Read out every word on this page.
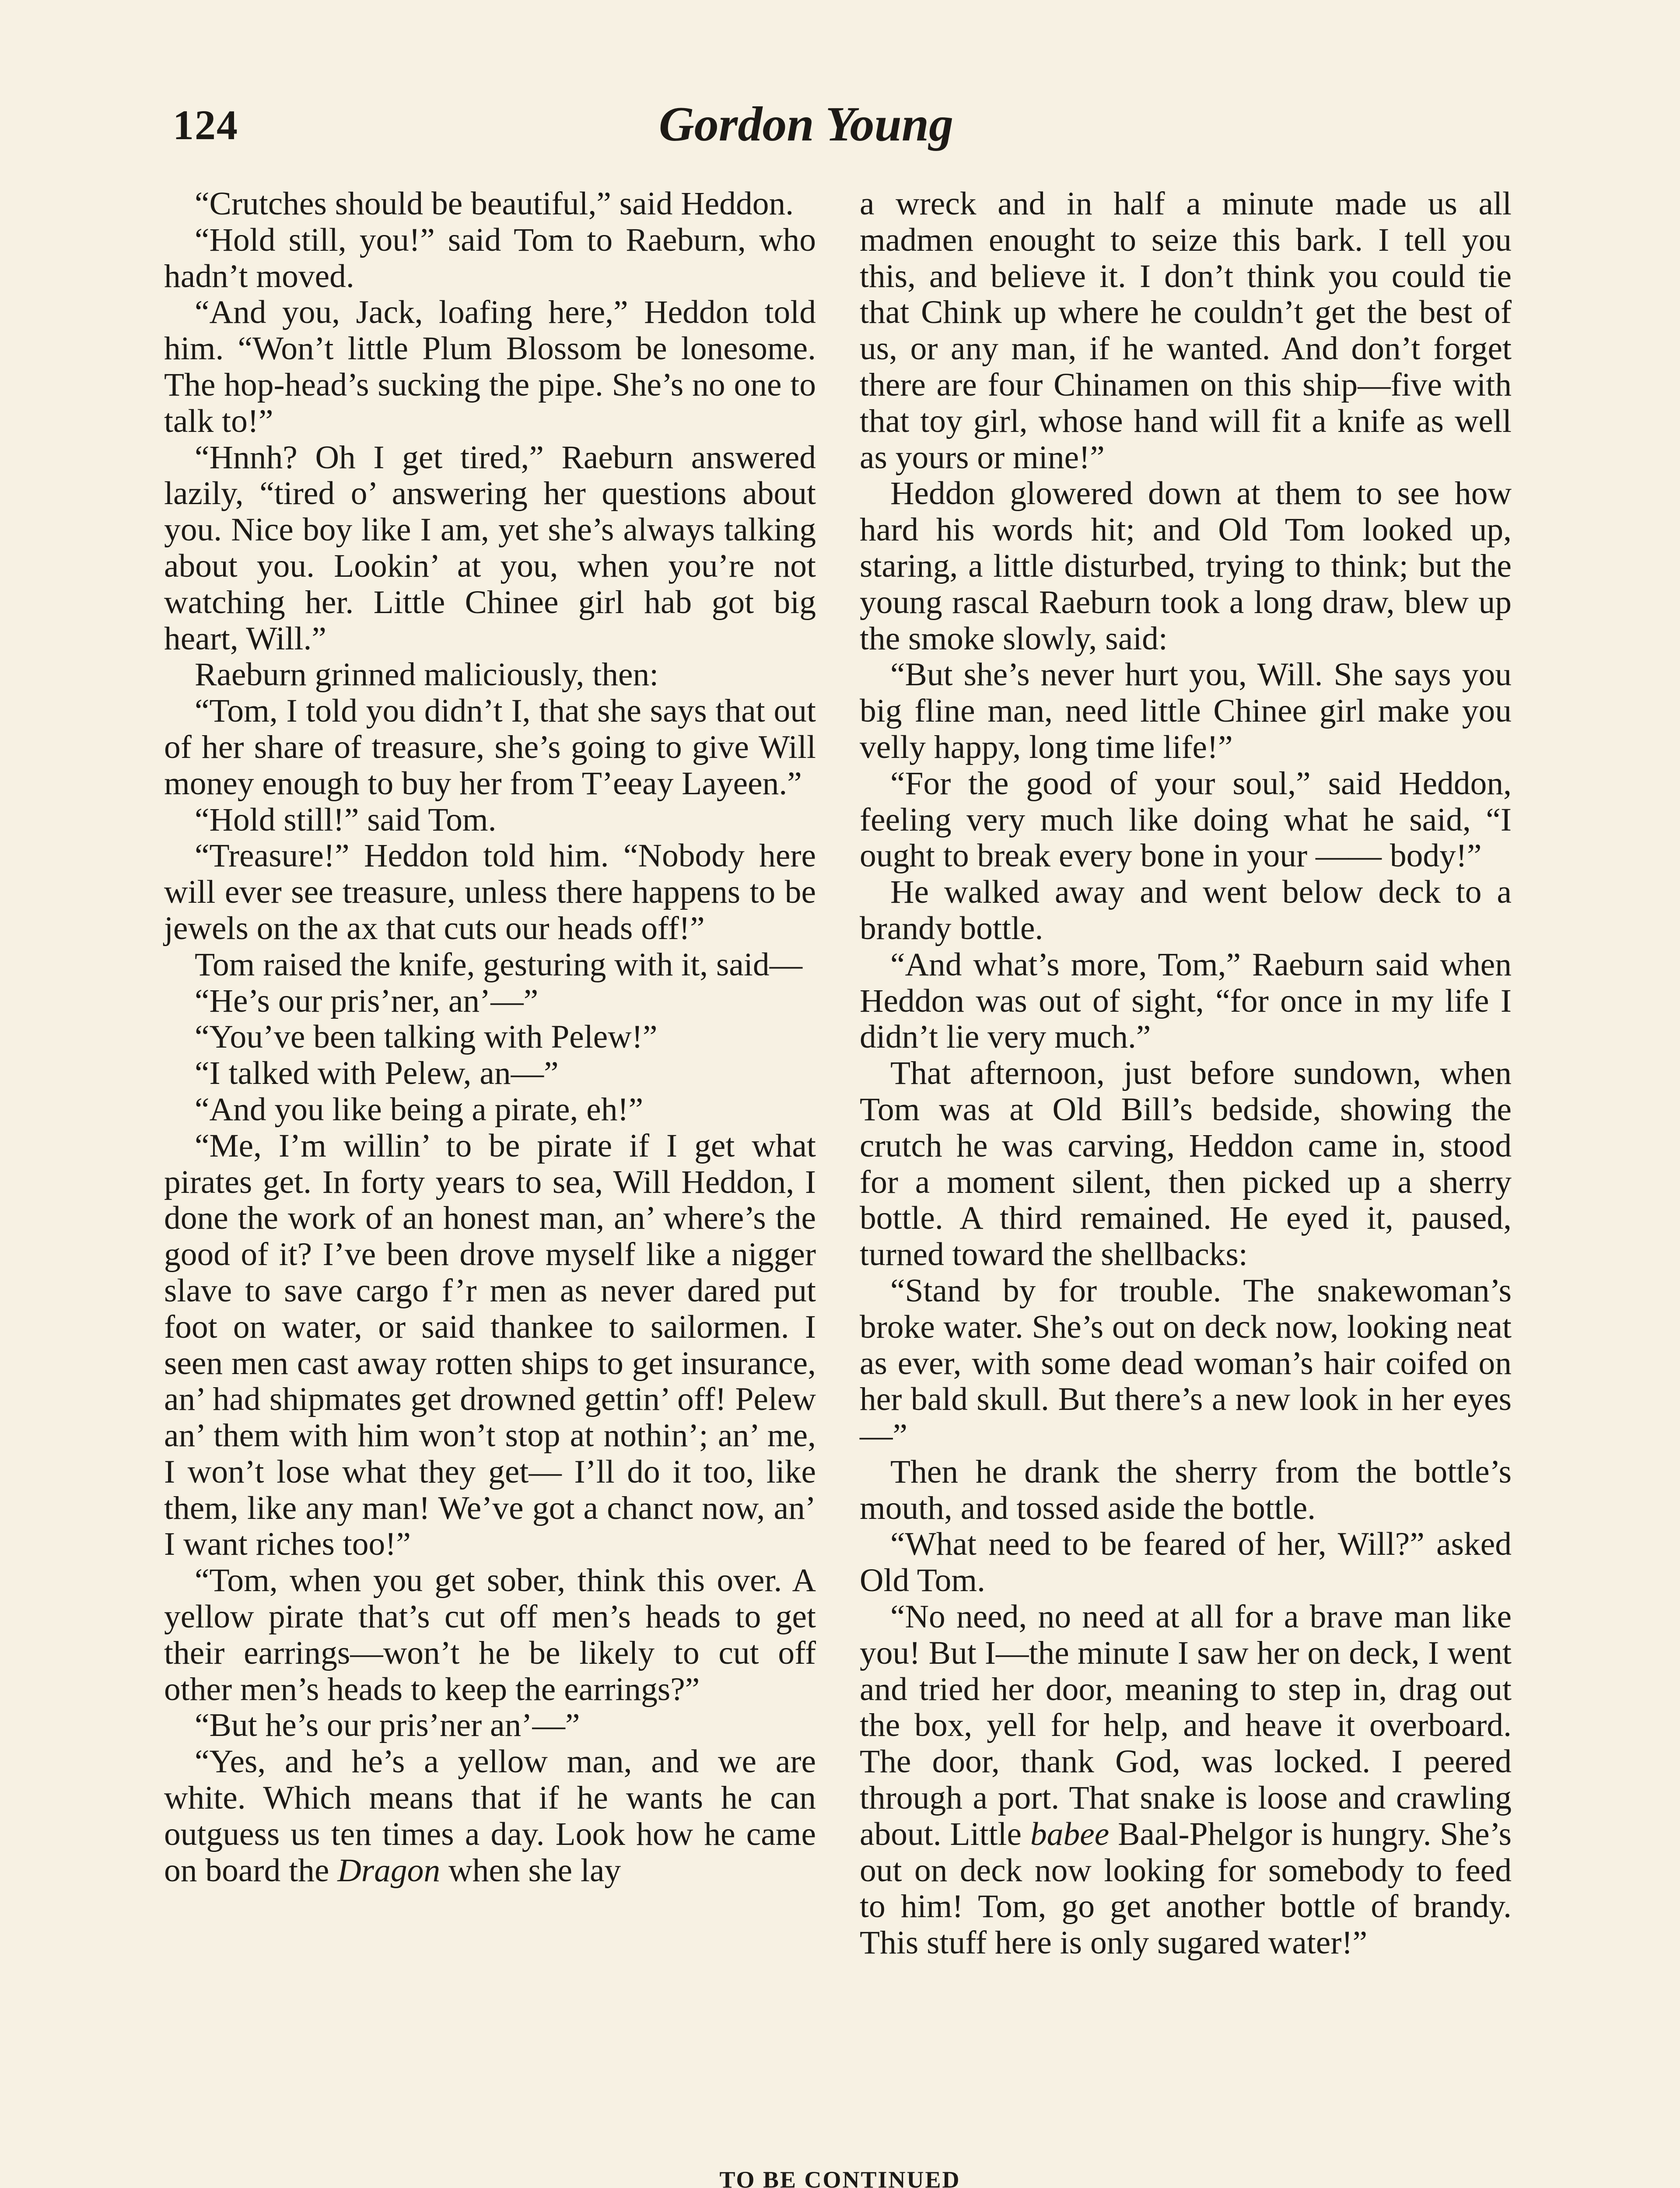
124	Gordon Young

“Crutches should be beautiful,” said Heddon.

“Hold still, you!” said Tom to Raeburn, who hadn’t moved.

“And you, Jack, loafing here,” Heddon told him. “Won’t little Plum Blossom be lonesome. The hop-head’s sucking the pipe. She’s no one to talk to!”

“Hnnh? Oh I get tired,” Raeburn answered lazily, “tired o’ answering her questions about you. Nice boy like I am, yet she’s always talking about you. Lookin’ at you, when you’re not watching her. Little Chinee girl hab got big heart, Will.”

Raeburn grinned maliciously, then:

“Tom, I told you didn’t I, that she says that out of her share of treasure, she’s going to give Will money enough to buy her from T’eeay Layeen.”

“Hold still!” said Tom.

“Treasure!” Heddon told him. “Nobody here will ever see treasure, unless there happens to be jewels on the ax that cuts our heads off!”

Tom raised the knife, gesturing with it, said—

“He’s our pris’ner, an’—”

“You’ve been talking with Pelew!”

“I talked with Pelew, an—”

“And you like being a pirate, eh!”

“Me, I’m willin’ to be pirate if I get what pirates get. In forty years to sea, Will Heddon, I done the work of an honest man, an’ where’s the good of it? I’ve been drove myself like a nigger slave to save cargo f’r men as never dared put foot on water, or said thankee to sailormen. I seen men cast away rotten ships to get insurance, an’ had shipmates get drowned gettin’ off! Pelew an’ them with him won’t stop at nothin’; an’ me, I won’t lose what they get— I’ll do it too, like them, like any man! We’ve got a chanct now, an’ I want riches too!”

“Tom, when you get sober, think this over. A yellow pirate that’s cut off men’s heads to get their earrings—won’t he be likely to cut off other men’s heads to keep the earrings?”

“But he’s our pris’ner an’—”

“Yes, and he’s a yellow man, and we are white. Which means that if he wants he can outguess us ten times a day. Look how he came on board the Dragon when she lay

a wreck and in half a minute made us all madmen enought to seize this bark. I tell you this, and believe it. I don’t think you could tie that Chink up where he couldn’t get the best of us, or any man, if he wanted. And don’t forget there are four Chinamen on this ship—five with that toy girl, whose hand will fit a knife as well as yours or mine!”

Heddon glowered down at them to see how hard his words hit; and Old Tom looked up, staring, a little disturbed, trying to think; but the young rascal Raeburn took a long draw, blew up the smoke slowly, said:

“But she’s never hurt you, Will. She says you big fline man, need little Chinee girl make you velly happy, long time life!”

“For the good of your soul,” said Heddon, feeling very much like doing what he said, “I ought to break every bone in your —— body!”

He walked away and went below deck to a brandy bottle.

“And what’s more, Tom,” Raeburn said when Heddon was out of sight, “for once in my life I didn’t lie very much.”

That afternoon, just before sundown, when Tom was at Old Bill’s bedside, showing the crutch he was carving, Heddon came in, stood for a moment silent, then picked up a sherry bottle. A third remained. He eyed it, paused, turned toward the shellbacks:

“Stand by for trouble. The snakewoman’s broke water. She’s out on deck now, looking neat as ever, with some dead woman’s hair coifed on her bald skull. But there’s a new look in her eyes—”

Then he drank the sherry from the bottle’s mouth, and tossed aside the bottle.

“What need to be feared of her, Will?” asked Old Tom.

“No need, no need at all for a brave man like you! But I—the minute I saw her on deck, I went and tried her door, meaning to step in, drag out the box, yell for help, and heave it overboard. The door, thank God, was locked. I peered through a port. That snake is loose and crawling about. Little babee Baal-Phelgor is hungry. She’s out on deck now looking for somebody to feed to him! Tom, go get another bottle of brandy. This stuff here is only sugared water!”

TO BE CONTINUED
